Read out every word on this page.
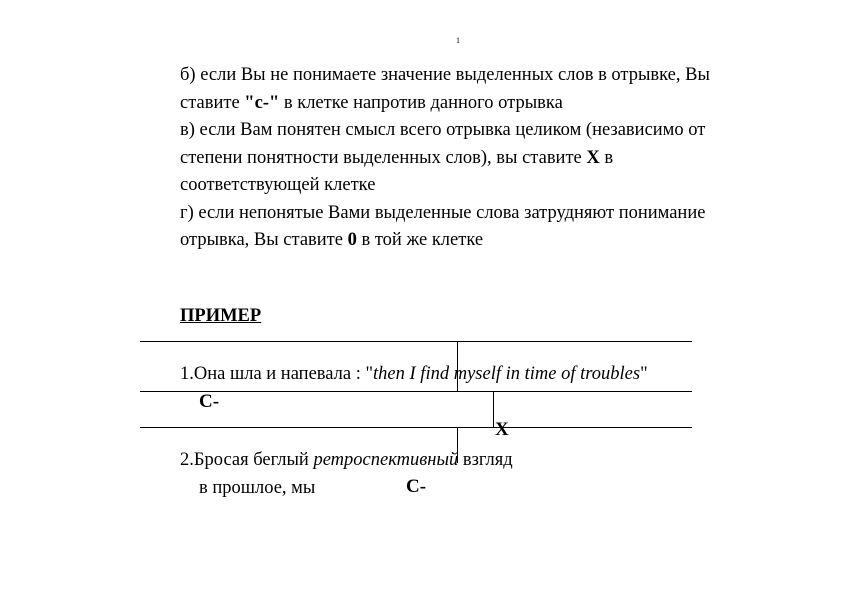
1

б) если Вы не понимаете значение выделенных слов в отрывке, Вы ставите "с-" в клетке напротив данного отрывка

в) если Вам понятен смысл всего отрывка целиком (независимо от степени понятности выделенных слов), вы ставите Х в соответствующей клетке

г) если непонятые Вами выделенные слова затрудняют понимание отрывка, Вы ставите 0 в той же клетке

ПРИМЕР
1.Она шла и напевала : "then I find myself in time of troubles"
С-
Х
2.Бросая беглый ретроспективный взгляд
в прошлое, мы	С-
